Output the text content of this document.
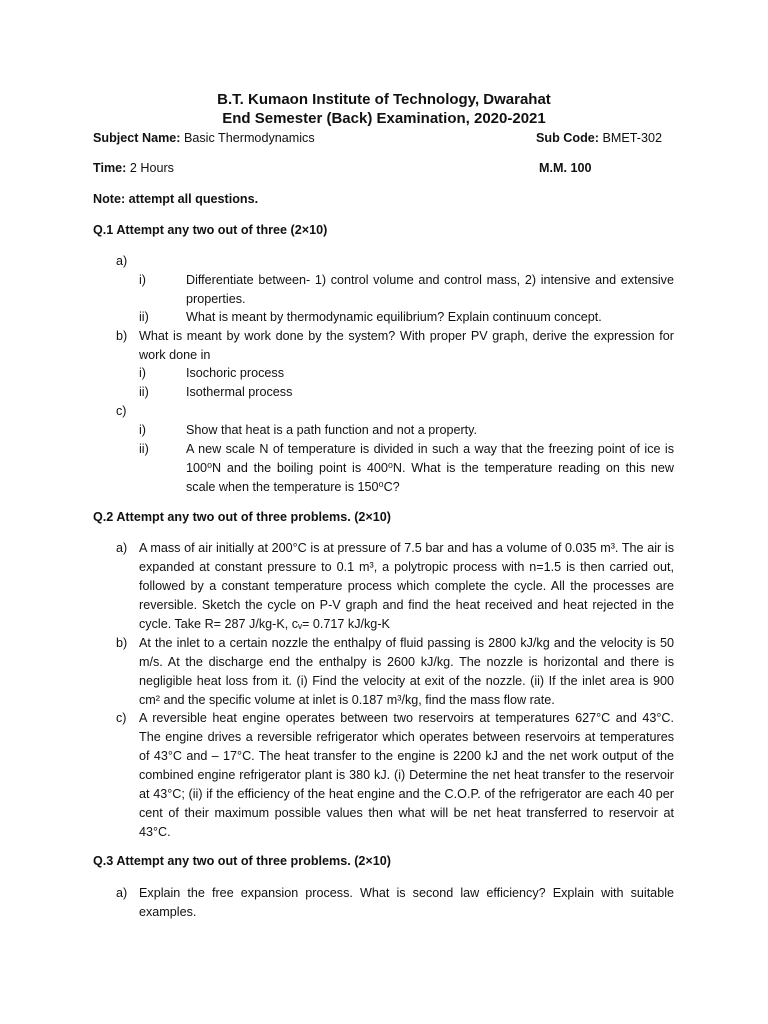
B.T. Kumaon Institute of Technology, Dwarahat
End Semester (Back) Examination, 2020-2021
Subject Name: Basic Thermodynamics	Sub Code: BMET-302
Time: 2 Hours	M.M. 100
Note: attempt all questions.
Q.1 Attempt any two out of three (2×10)
a)
i)	Differentiate between- 1) control volume and control mass, 2) intensive and extensive properties.
ii)	What is meant by thermodynamic equilibrium? Explain continuum concept.
b) What is meant by work done by the system? With proper PV graph, derive the expression for work done in
i)	Isochoric process
ii)	Isothermal process
c)
i)	Show that heat is a path function and not a property.
ii)	A new scale N of temperature is divided in such a way that the freezing point of ice is 100⁰N and the boiling point is 400⁰N. What is the temperature reading on this new scale when the temperature is 150⁰C?
Q.2 Attempt any two out of three problems. (2×10)
a) A mass of air initially at 200°C is at pressure of 7.5 bar and has a volume of 0.035 m³. The air is expanded at constant pressure to 0.1 m³, a polytropic process with n=1.5 is then carried out, followed by a constant temperature process which complete the cycle. All the processes are reversible. Sketch the cycle on P-V graph and find the heat received and heat rejected in the cycle. Take R= 287 J/kg-K, cᵥ= 0.717 kJ/kg-K
b) At the inlet to a certain nozzle the enthalpy of fluid passing is 2800 kJ/kg and the velocity is 50 m/s. At the discharge end the enthalpy is 2600 kJ/kg. The nozzle is horizontal and there is negligible heat loss from it. (i) Find the velocity at exit of the nozzle. (ii) If the inlet area is 900 cm² and the specific volume at inlet is 0.187 m³/kg, find the mass flow rate.
c) A reversible heat engine operates between two reservoirs at temperatures 627°C and 43°C. The engine drives a reversible refrigerator which operates between reservoirs at temperatures of 43°C and – 17°C. The heat transfer to the engine is 2200 kJ and the net work output of the combined engine refrigerator plant is 380 kJ. (i) Determine the net heat transfer to the reservoir at 43°C; (ii) if the efficiency of the heat engine and the C.O.P. of the refrigerator are each 40 per cent of their maximum possible values then what will be net heat transferred to reservoir at 43°C.
Q.3 Attempt any two out of three problems. (2×10)
a) Explain the free expansion process. What is second law efficiency? Explain with suitable examples.
